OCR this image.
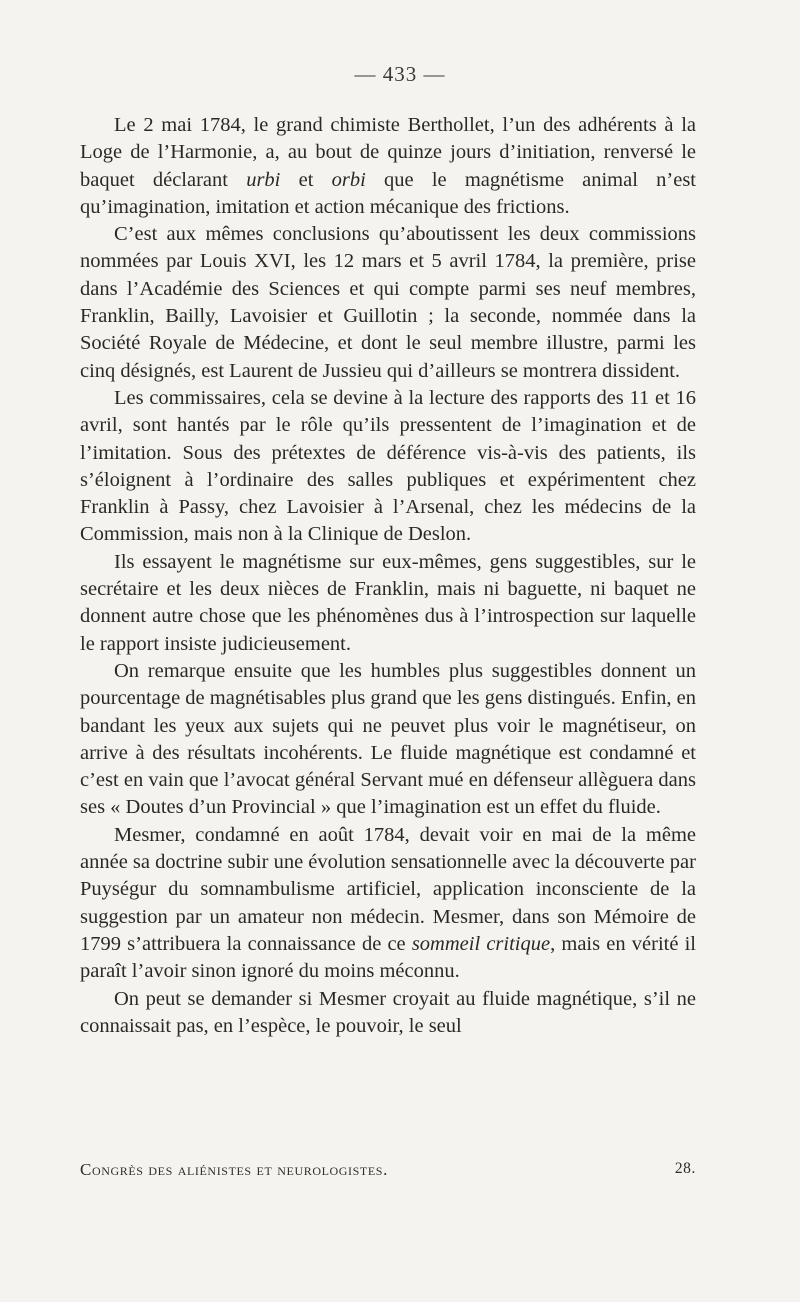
— 433 —

Le 2 mai 1784, le grand chimiste Berthollet, l’un des adhérents à la Loge de l’Harmonie, a, au bout de quinze jours d’initiation, renversé le baquet déclarant urbi et orbi que le magnétisme animal n’est qu’imagination, imitation et action mécanique des frictions.

C’est aux mêmes conclusions qu’aboutissent les deux commissions nommées par Louis XVI, les 12 mars et 5 avril 1784, la première, prise dans l’Académie des Sciences et qui compte parmi ses neuf membres, Franklin, Bailly, Lavoisier et Guillotin ; la seconde, nommée dans la Société Royale de Médecine, et dont le seul membre illustre, parmi les cinq désignés, est Laurent de Jussieu qui d’ailleurs se montrera dissident.

Les commissaires, cela se devine à la lecture des rapports des 11 et 16 avril, sont hantés par le rôle qu’ils pressentent de l’imagination et de l’imitation. Sous des prétextes de déférence vis-à-vis des patients, ils s’éloignent à l’ordinaire des salles publiques et expérimentent chez Franklin à Passy, chez Lavoisier à l’Arsenal, chez les médecins de la Commission, mais non à la Clinique de Deslon.

Ils essayent le magnétisme sur eux-mêmes, gens suggestibles, sur le secrétaire et les deux nièces de Franklin, mais ni baguette, ni baquet ne donnent autre chose que les phénomènes dus à l’introspection sur laquelle le rapport insiste judicieusement.

On remarque ensuite que les humbles plus suggestibles donnent un pourcentage de magnétisables plus grand que les gens distingués. Enfin, en bandant les yeux aux sujets qui ne peuvet plus voir le magnétiseur, on arrive à des résultats incohérents. Le fluide magnétique est condamné et c’est en vain que l’avocat général Servant mué en défenseur allèguera dans ses « Doutes d’un Provincial » que l’imagination est un effet du fluide.

Mesmer, condamné en août 1784, devait voir en mai de la même année sa doctrine subir une évolution sensationnelle avec la découverte par Puységur du somnambulisme artificiel, application inconsciente de la suggestion par un amateur non médecin. Mesmer, dans son Mémoire de 1799 s’attribuera la connaissance de ce sommeil critique, mais en vérité il paraît l’avoir sinon ignoré du moins méconnu.

On peut se demander si Mesmer croyait au fluide magnétique, s’il ne connaissait pas, en l’espèce, le pouvoir, le seul

Congrès des aliénistes et neurologistes.	28.
